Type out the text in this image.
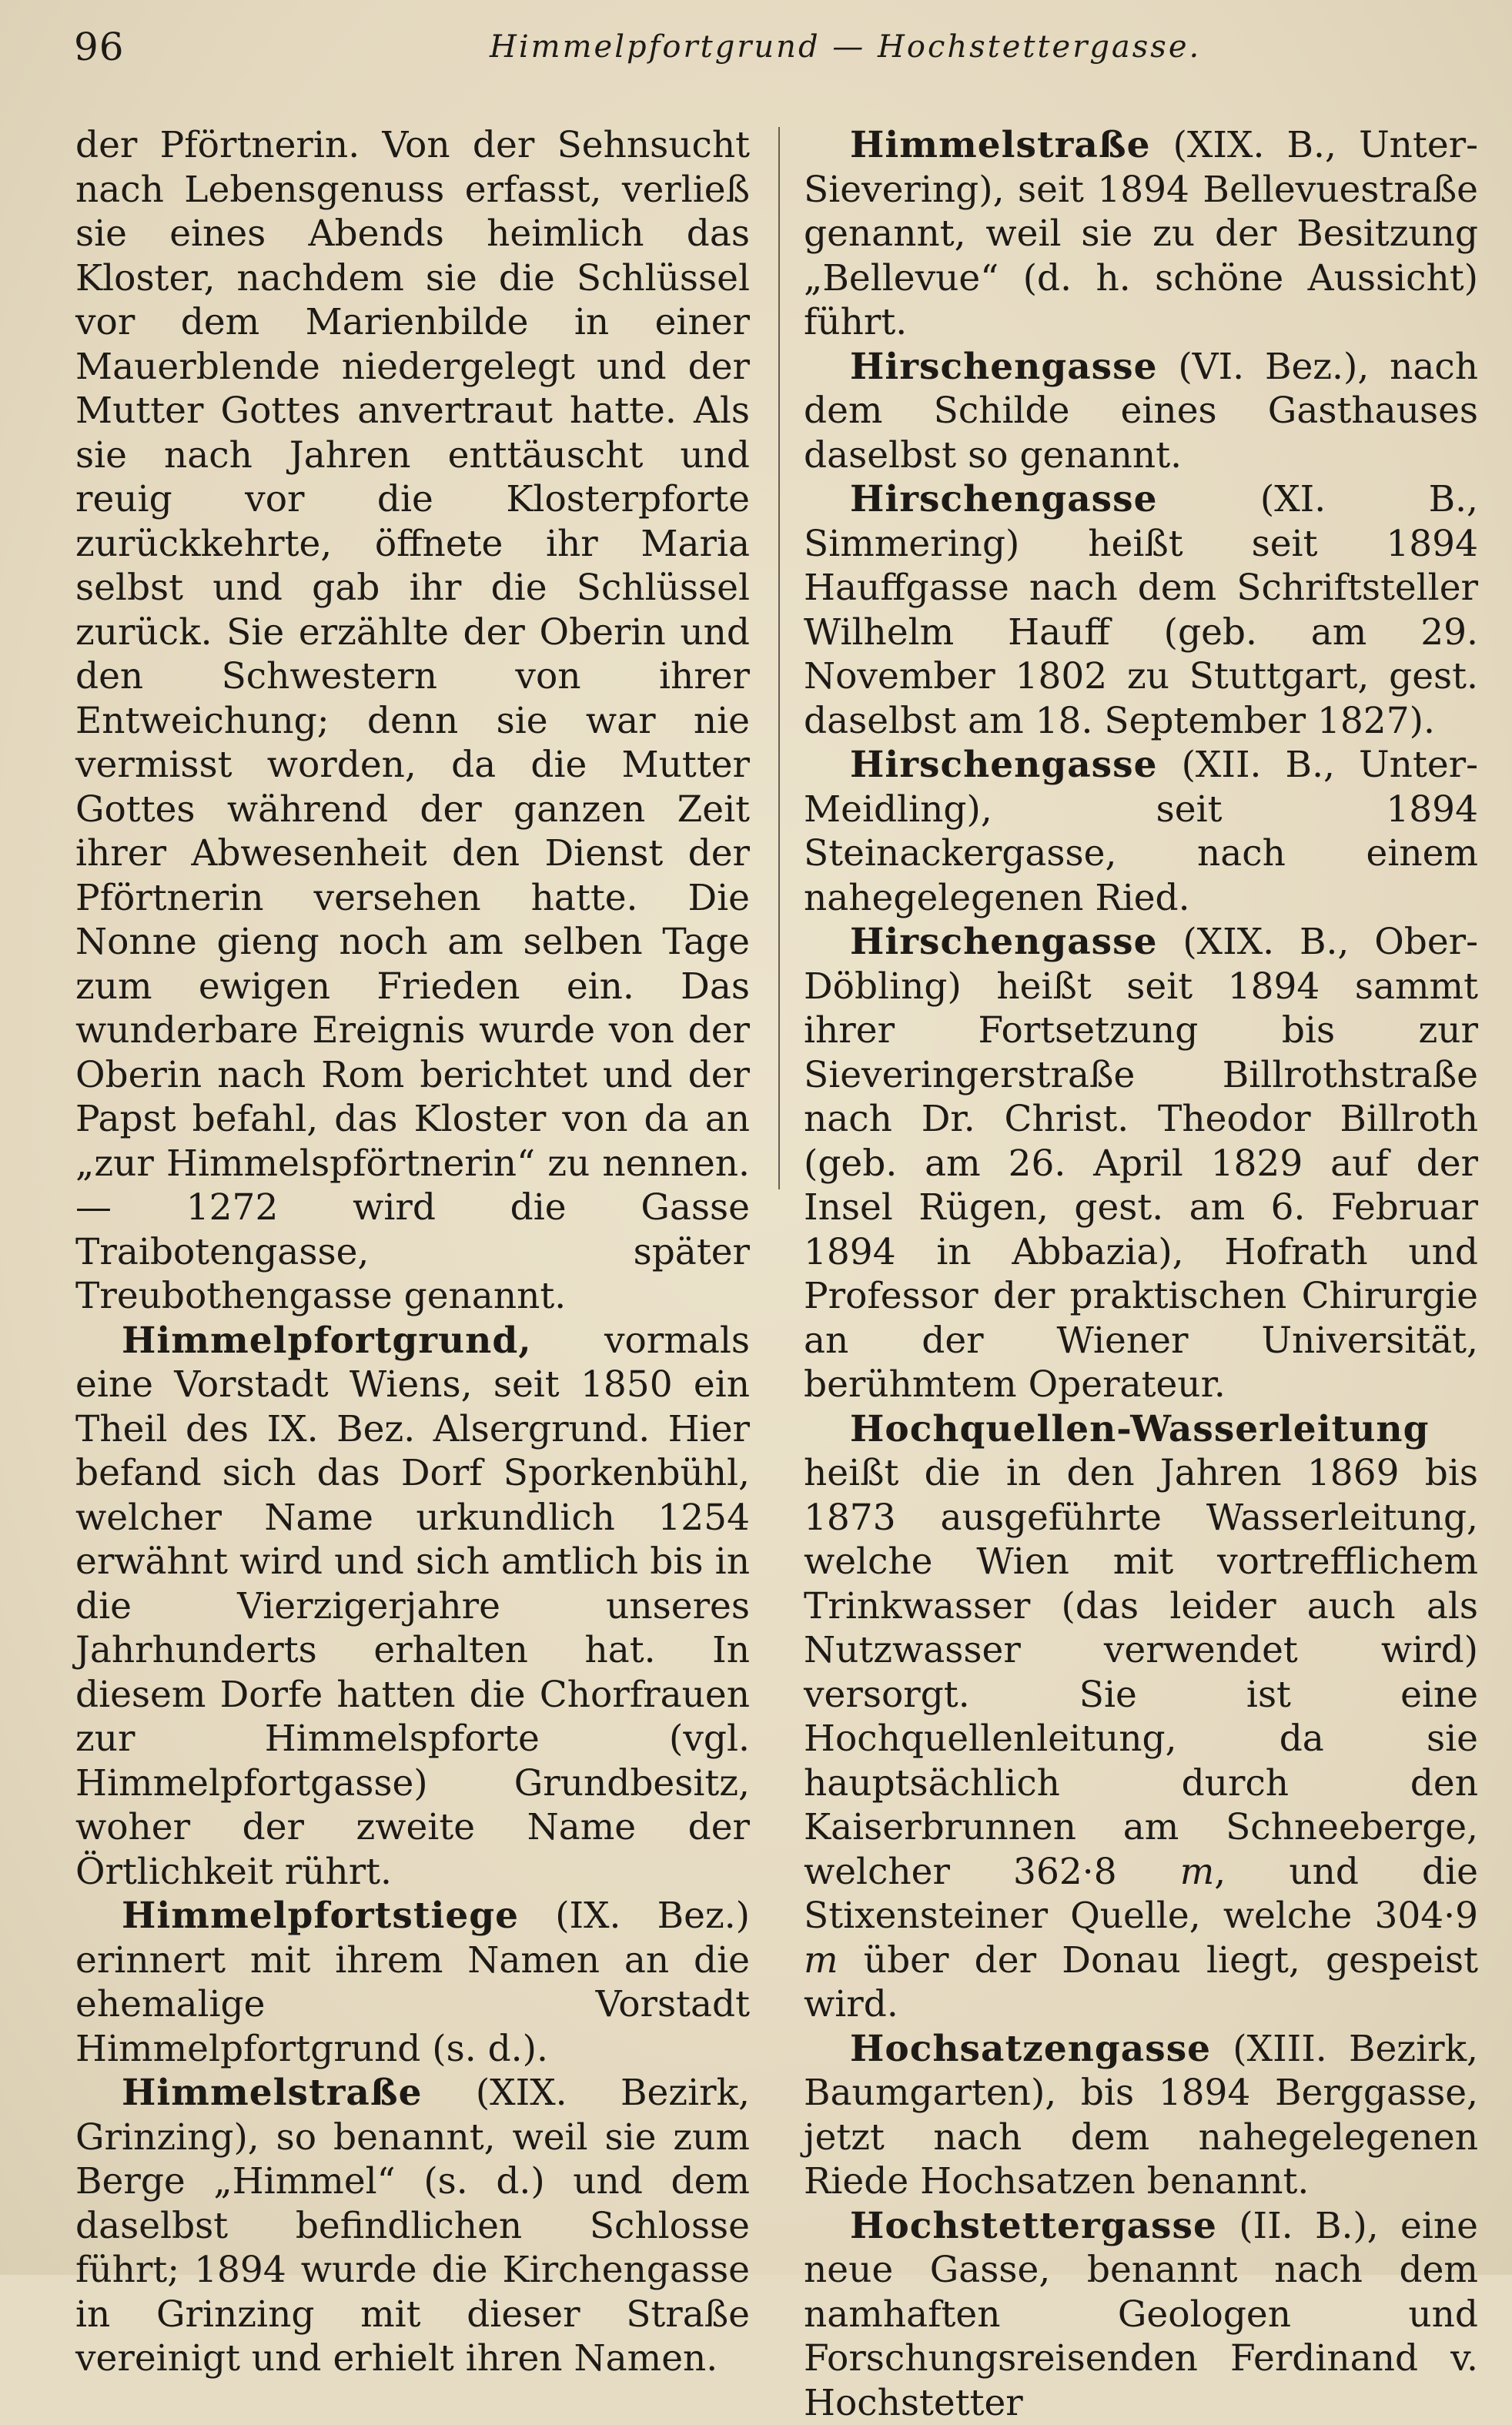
96	Himmelpfortgrund — Hochstettergasse.

der Pförtnerin. Von der Sehnsucht nach Lebensgenuss erfasst, verließ sie eines Abends heimlich das Kloster, nachdem sie die Schlüssel vor dem Marienbilde in einer Mauerblende niedergelegt und der Mutter Gottes anvertraut hatte. Als sie nach Jahren enttäuscht und reuig vor die Klosterpforte zurückkehrte, öffnete ihr Maria selbst und gab ihr die Schlüssel zurück. Sie erzählte der Oberin und den Schwestern von ihrer Entweichung; denn sie war nie vermisst worden, da die Mutter Gottes während der ganzen Zeit ihrer Abwesenheit den Dienst der Pförtnerin versehen hatte. Die Nonne gieng noch am selben Tage zum ewigen Frieden ein. Das wunderbare Ereignis wurde von der Oberin nach Rom berichtet und der Papst befahl, das Kloster von da an „zur Himmelspförtnerin“ zu nennen. — 1272 wird die Gasse Traibotengasse, später Treubothengasse genannt.

Himmelpfortgrund, vormals eine Vorstadt Wiens, seit 1850 ein Theil des IX. Bez. Alsergrund. Hier befand sich das Dorf Sporkenbühl, welcher Name urkundlich 1254 erwähnt wird und sich amtlich bis in die Vierzigerjahre unseres Jahrhunderts erhalten hat. In diesem Dorfe hatten die Chorfrauen zur Himmelspforte (vgl. Himmelpfortgasse) Grundbesitz, woher der zweite Name der Örtlichkeit rührt.

Himmelpfortstiege (IX. Bez.) erinnert mit ihrem Namen an die ehemalige Vorstadt Himmelpfortgrund (s. d.).

Himmelstraße (XIX. Bezirk, Grinzing), so benannt, weil sie zum Berge „Himmel“ (s. d.) und dem daselbst befindlichen Schlosse führt; 1894 wurde die Kirchengasse in Grinzing mit dieser Straße vereinigt und erhielt ihren Namen.

Himmelstraße (XIX. B., Unter-Sievering), seit 1894 Bellevuestraße genannt, weil sie zu der Besitzung „Bellevue“ (d. h. schöne Aussicht) führt.

Hirschengasse (VI. Bez.), nach dem Schilde eines Gasthauses daselbst so genannt.

Hirschengasse (XI. B., Simmering) heißt seit 1894 Hauffgasse nach dem Schriftsteller Wilhelm Hauff (geb. am 29. November 1802 zu Stuttgart, gest. daselbst am 18. September 1827).

Hirschengasse (XII. B., Unter-Meidling), seit 1894 Steinackergasse, nach einem nahegelegenen Ried.

Hirschengasse (XIX. B., Ober-Döbling) heißt seit 1894 sammt ihrer Fortsetzung bis zur Sieveringerstraße Billrothstraße nach Dr. Christ. Theodor Billroth (geb. am 26. April 1829 auf der Insel Rügen, gest. am 6. Februar 1894 in Abbazia), Hofrath und Professor der praktischen Chirurgie an der Wiener Universität, berühmtem Operateur.

Hochquellen-Wasserleitung heißt die in den Jahren 1869 bis 1873 ausgeführte Wasserleitung, welche Wien mit vortrefflichem Trinkwasser (das leider auch als Nutzwasser verwendet wird) versorgt. Sie ist eine Hochquellenleitung, da sie hauptsächlich durch den Kaiserbrunnen am Schneeberge, welcher 362·8 m, und die Stixensteiner Quelle, welche 304·9 m über der Donau liegt, gespeist wird.

Hochsatzengasse (XIII. Bezirk, Baumgarten), bis 1894 Berggasse, jetzt nach dem nahegelegenen Riede Hochsatzen benannt.

Hochstettergasse (II. B.), eine neue Gasse, benannt nach dem namhaften Geologen und Forschungsreisenden Ferdinand v. Hochstetter
